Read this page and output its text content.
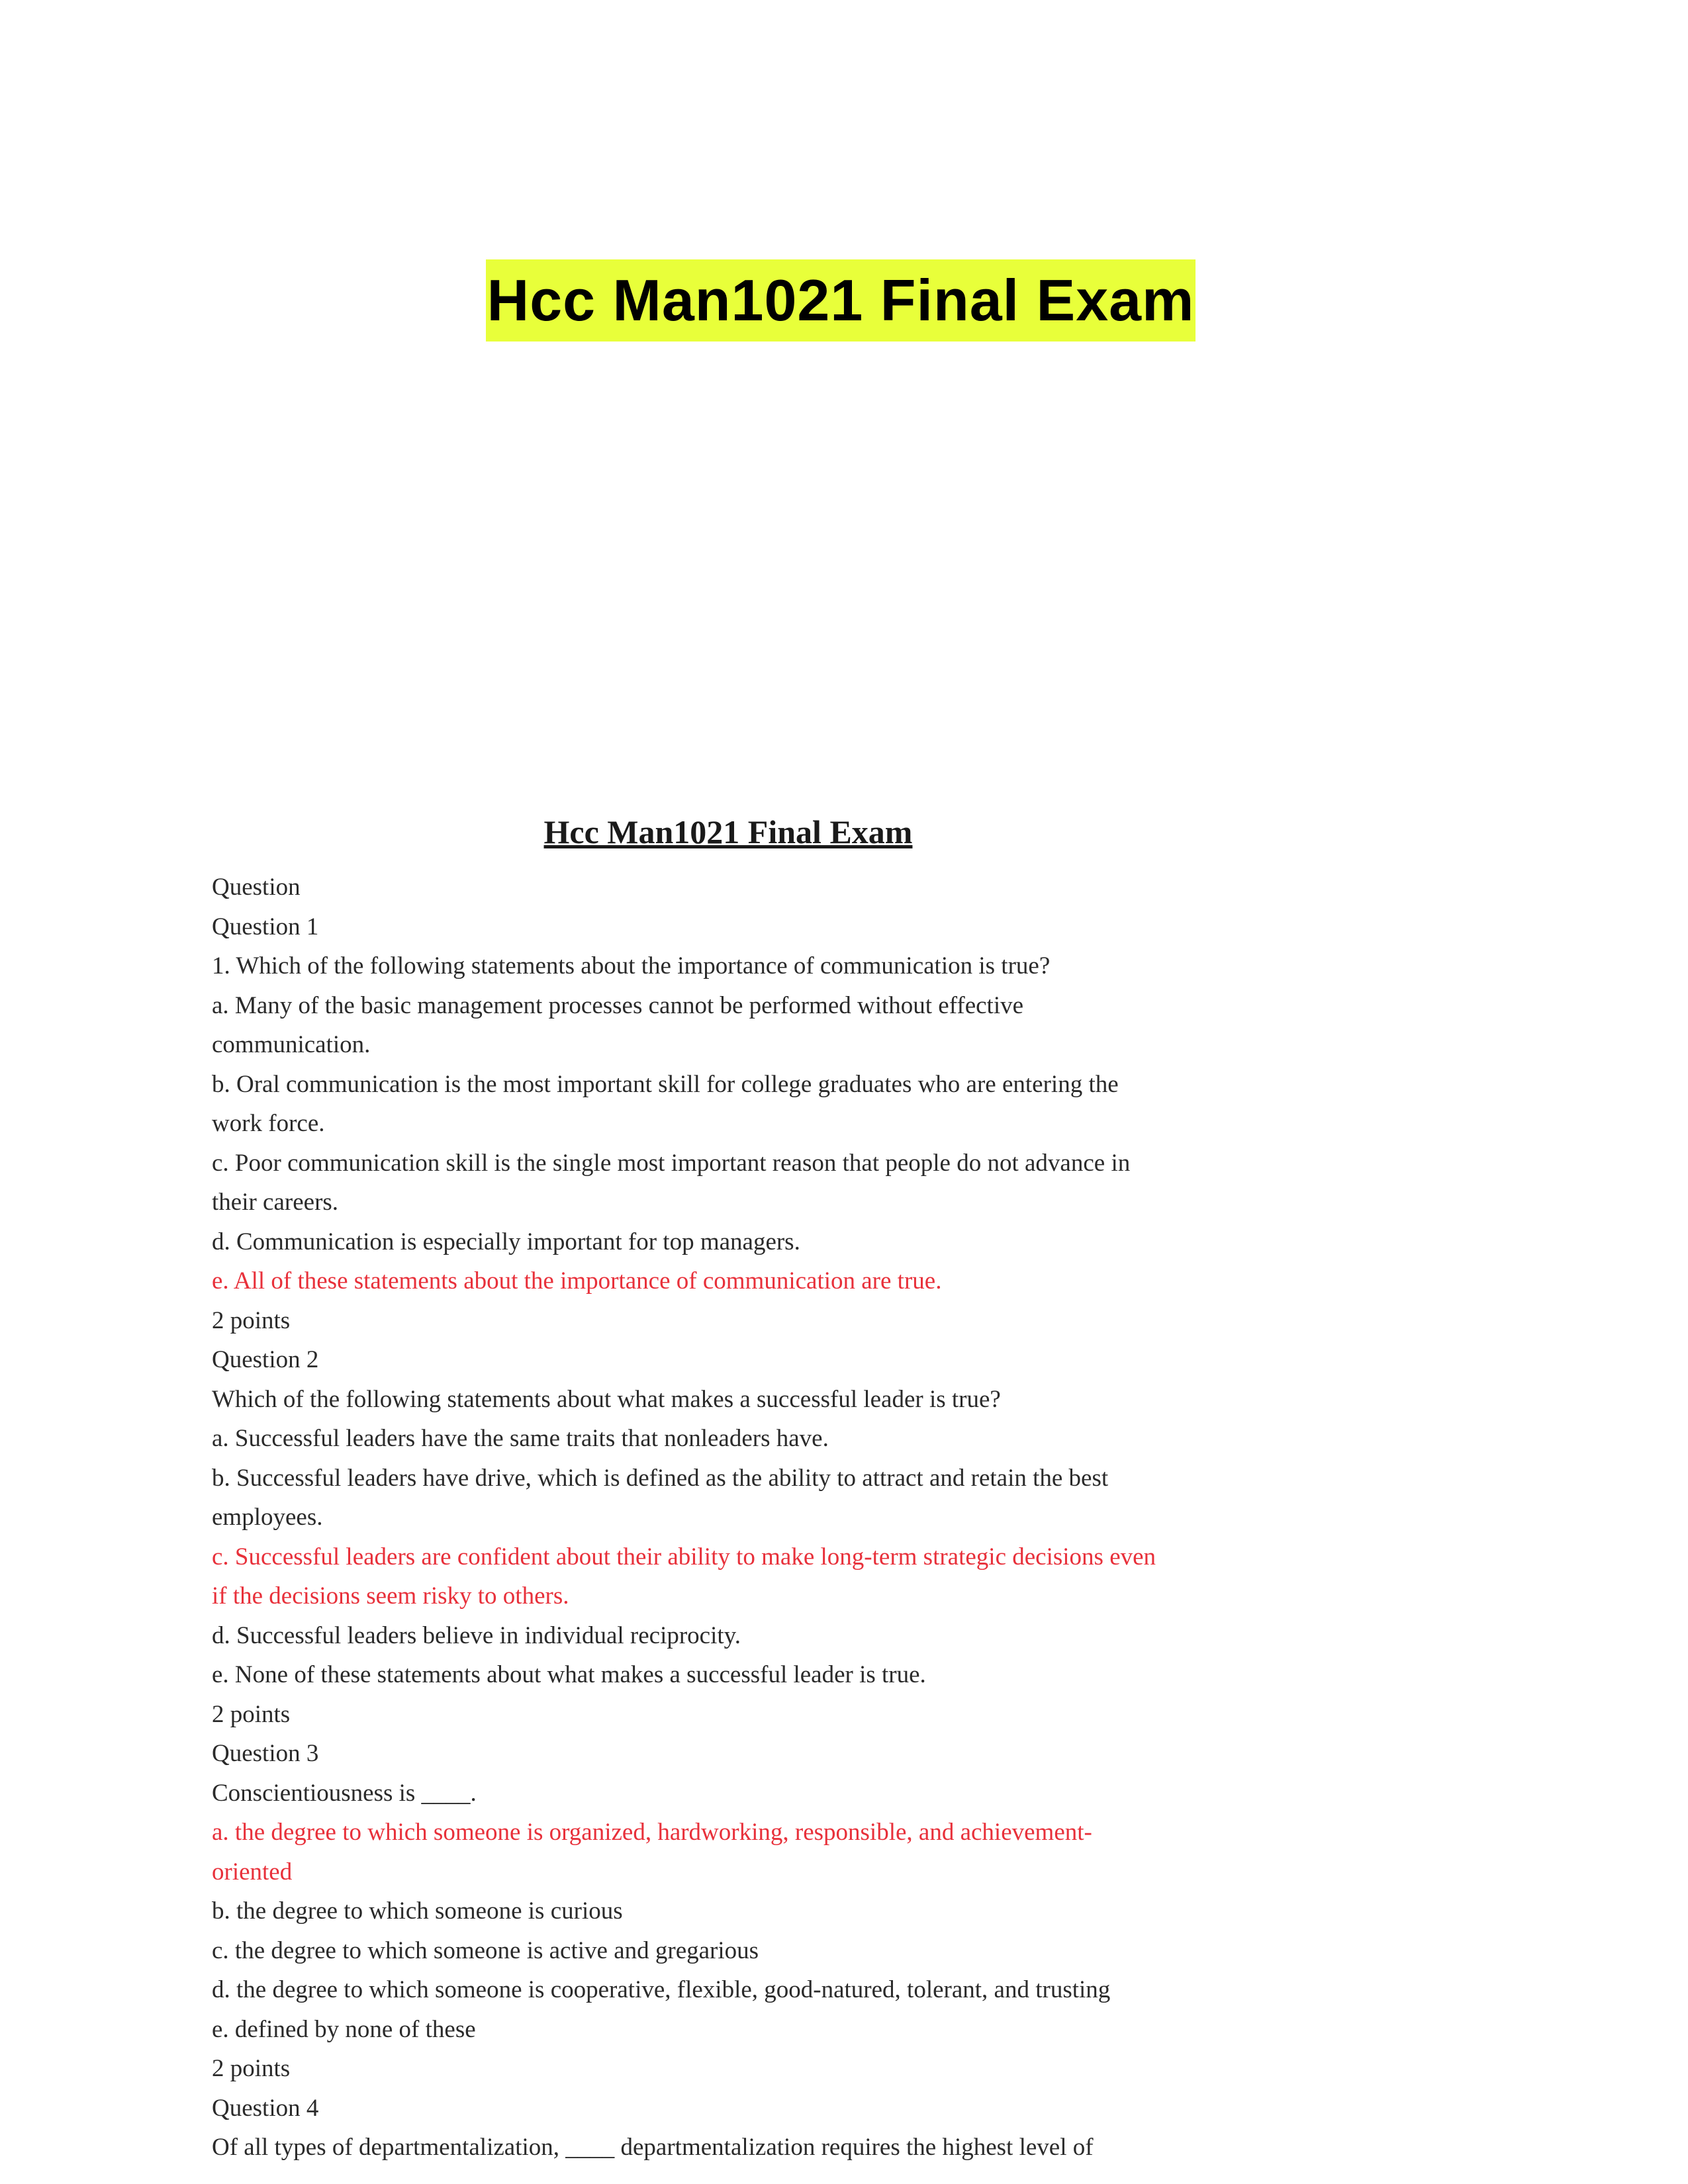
Hcc Man1021 Final Exam
Hcc Man1021 Final Exam
Question
Question 1
1. Which of the following statements about the importance of communication is true?
a. Many of the basic management processes cannot be performed without effective
communication.
b. Oral communication is the most important skill for college graduates who are entering the
work force.
c. Poor communication skill is the single most important reason that people do not advance in
their careers.
d. Communication is especially important for top managers.
e. All of these statements about the importance of communication are true.
2 points
Question 2
Which of the following statements about what makes a successful leader is true?
a. Successful leaders have the same traits that nonleaders have.
b. Successful leaders have drive, which is defined as the ability to attract and retain the best
employees.
c. Successful leaders are confident about their ability to make long-term strategic decisions even
if the decisions seem risky to others.
d. Successful leaders believe in individual reciprocity.
e. None of these statements about what makes a successful leader is true.
2 points
Question 3
Conscientiousness is ____.
a. the degree to which someone is organized, hardworking, responsible, and achievement-
oriented
b. the degree to which someone is curious
c. the degree to which someone is active and gregarious
d. the degree to which someone is cooperative, flexible, good-natured, tolerant, and trusting
e. defined by none of these
2 points
Question 4
Of all types of departmentalization, ____ departmentalization requires the highest level of
